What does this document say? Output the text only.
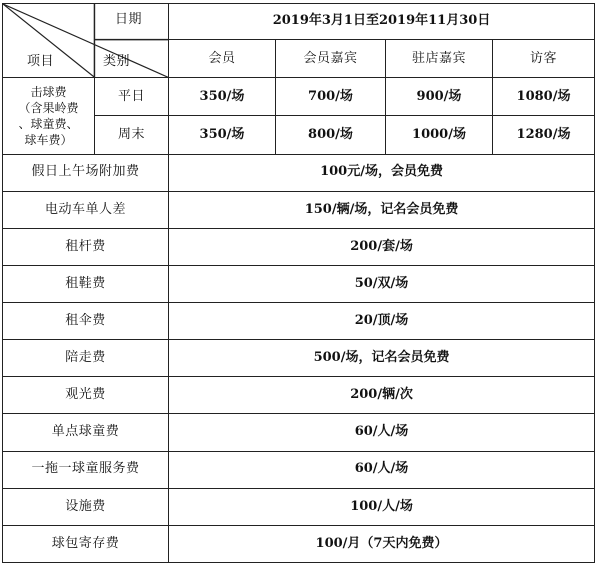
日期
项目 类别		2019年3月1日至2019年11月30日			
		会员	会员嘉宾	驻店嘉宾	访客

击球费
（含果岭费
、球童费、
球车费）	平日	350/场	700/场	900/场	1080/场
	周末	350/场	800/场	1000/场	1280/场
假日上午场附加费		100元/场，会员免费			
电动车单人差		150/辆/场，记名会员免费			
租杆费		200/套/场			
租鞋费		50/双/场			
租伞费		20/顶/场			
陪走费		500/场，记名会员免费			
观光费		200/辆/次			
单点球童费		60/人/场			
一拖一球童服务费		60/人/场			
设施费		100/人/场			
球包寄存费		100/月（7天内免费）			
